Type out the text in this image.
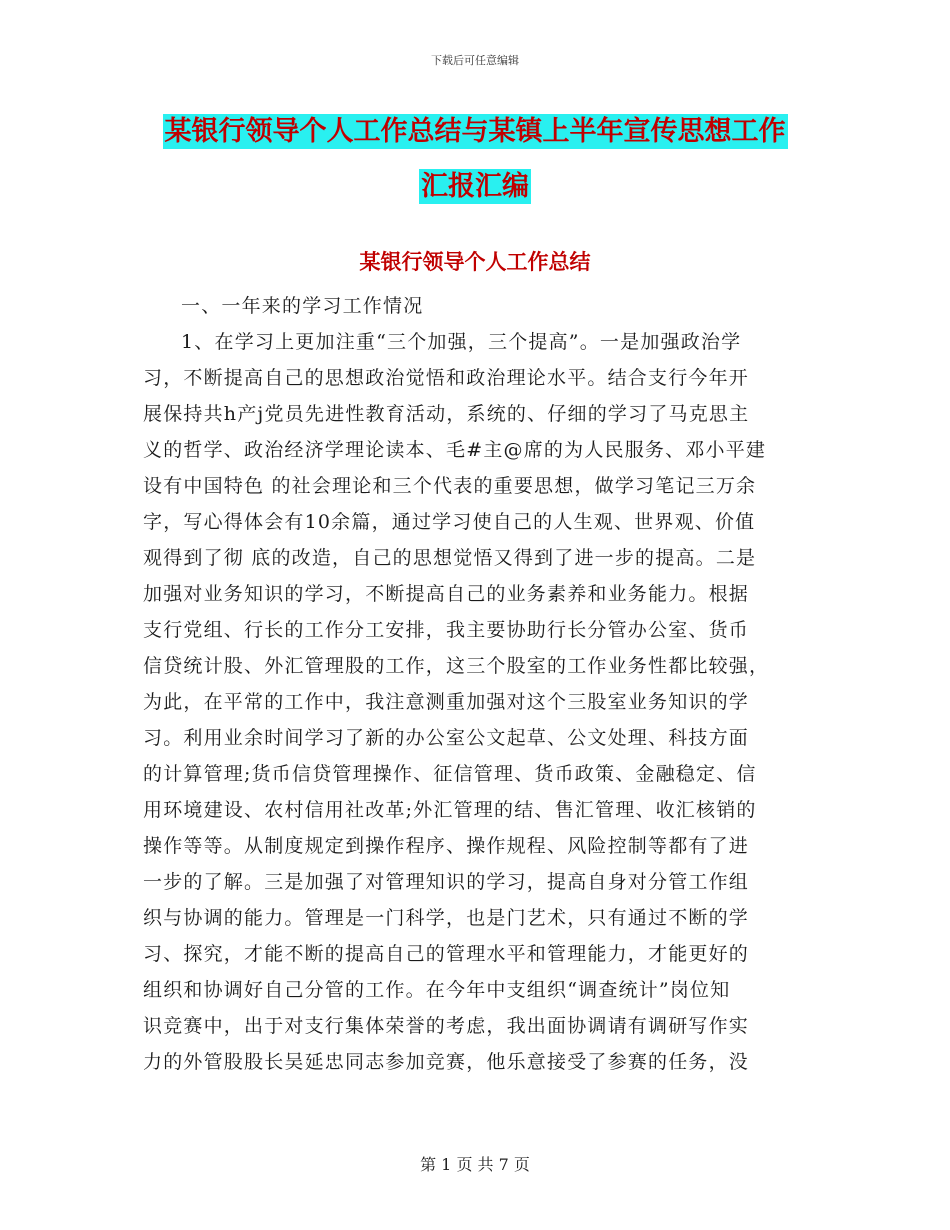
下载后可任意编辑
某银行领导个人工作总结与某镇上半年宣传思想工作
汇报汇编
某银行领导个人工作总结
一、一年来的学习工作情况
1、在学习上更加注重“三个加强，三个提高”。一是加强政治学
习，不断提高自己的思想政治觉悟和政治理论水平。结合支行今年开
展保持共h产j党员先进性教育活动，系统的、仔细的学习了马克思主
义的哲学、政治经济学理论读本、毛#主@席的为人民服务、邓小平建
设有中国特色 的社会理论和三个代表的重要思想，做学习笔记三万余
字，写心得体会有10余篇，通过学习使自己的人生观、世界观、价值
观得到了彻 底的改造，自己的思想觉悟又得到了进一步的提高。二是
加强对业务知识的学习，不断提高自己的业务素养和业务能力。根据
支行党组、行长的工作分工安排，我主要协助行长分管办公室、货币
信贷统计股、外汇管理股的工作，这三个股室的工作业务性都比较强，
为此，在平常的工作中，我注意测重加强对这个三股室业务知识的学
习。利用业余时间学习了新的办公室公文起草、公文处理、科技方面
的计算管理;货币信贷管理操作、征信管理、货币政策、金融稳定、信
用环境建设、农村信用社改革;外汇管理的结、售汇管理、收汇核销的
操作等等。从制度规定到操作程序、操作规程、风险控制等都有了进
一步的了解。三是加强了对管理知识的学习，提高自身对分管工作组
织与协调的能力。管理是一门科学，也是门艺术，只有通过不断的学
习、探究，才能不断的提高自己的管理水平和管理能力，才能更好的
组织和协调好自己分管的工作。在今年中支组织“调查统计”岗位知
识竞赛中，出于对支行集体荣誉的考虑，我出面协调请有调研写作实
力的外管股股长吴延忠同志参加竞赛，他乐意接受了参赛的任务，没
第 1 页 共 7 页
